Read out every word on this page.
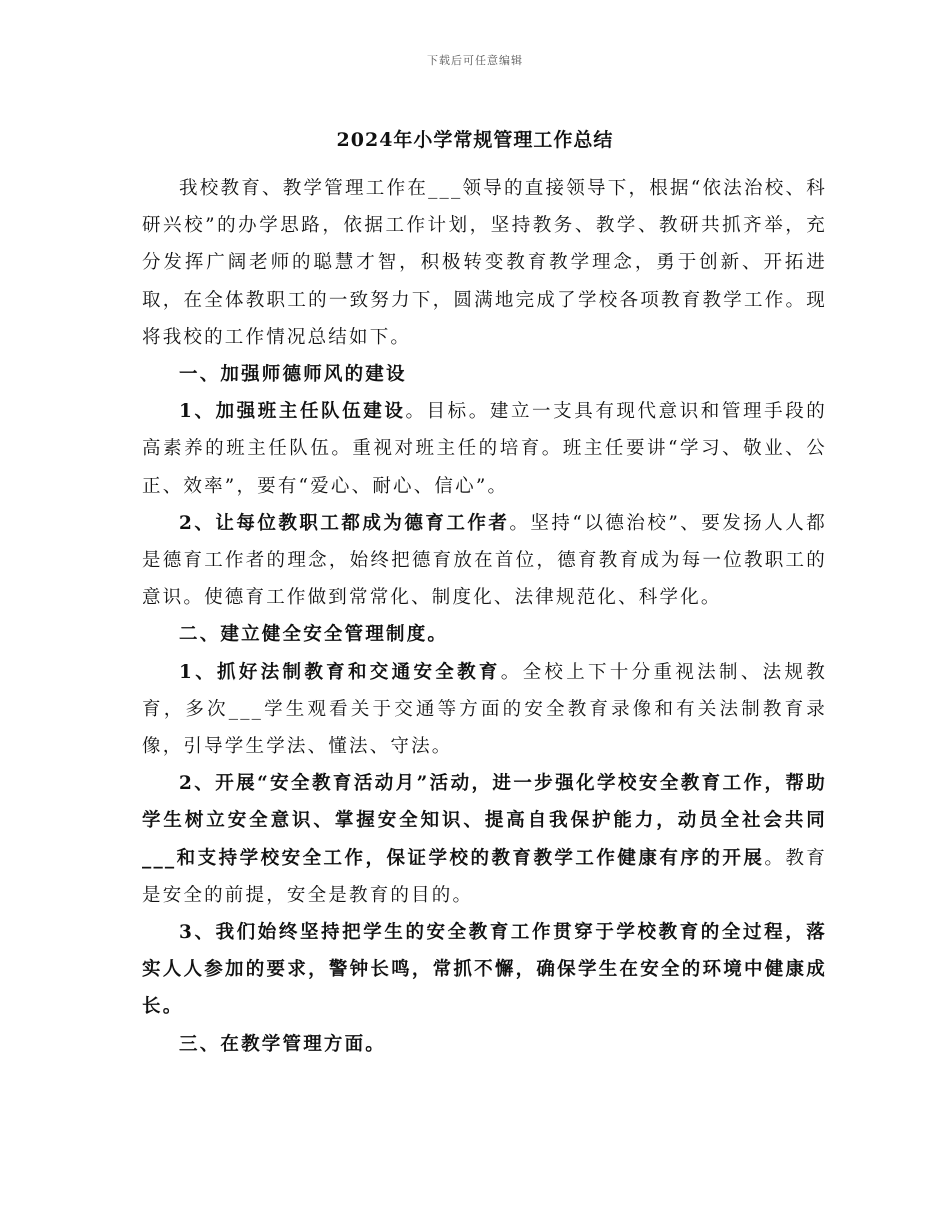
下载后可任意编辑
2024年小学常规管理工作总结

我校教育、教学管理工作在___领导的直接领导下，根据“依法治校、科研兴校”的办学思路，依据工作计划，坚持教务、教学、教研共抓齐举，充分发挥广阔老师的聪慧才智，积极转变教育教学理念，勇于创新、开拓进取，在全体教职工的一致努力下，圆满地完成了学校各项教育教学工作。现将我校的工作情况总结如下。

一、加强师德师风的建设

1、加强班主任队伍建设。目标。建立一支具有现代意识和管理手段的高素养的班主任队伍。重视对班主任的培育。班主任要讲“学习、敬业、公正、效率”，要有“爱心、耐心、信心”。

2、让每位教职工都成为德育工作者。坚持“以德治校”、要发扬人人都是德育工作者的理念，始终把德育放在首位，德育教育成为每一位教职工的意识。使德育工作做到常常化、制度化、法律规范化、科学化。

二、建立健全安全管理制度。

1、抓好法制教育和交通安全教育。全校上下十分重视法制、法规教育，多次___学生观看关于交通等方面的安全教育录像和有关法制教育录像，引导学生学法、懂法、守法。

2、开展“安全教育活动月”活动，进一步强化学校安全教育工作，帮助学生树立安全意识、掌握安全知识、提高自我保护能力，动员全社会共同___和支持学校安全工作，保证学校的教育教学工作健康有序的开展。教育是安全的前提，安全是教育的目的。

3、我们始终坚持把学生的安全教育工作贯穿于学校教育的全过程，落实人人参加的要求，警钟长鸣，常抓不懈，确保学生在安全的环境中健康成长。

三、在教学管理方面。
